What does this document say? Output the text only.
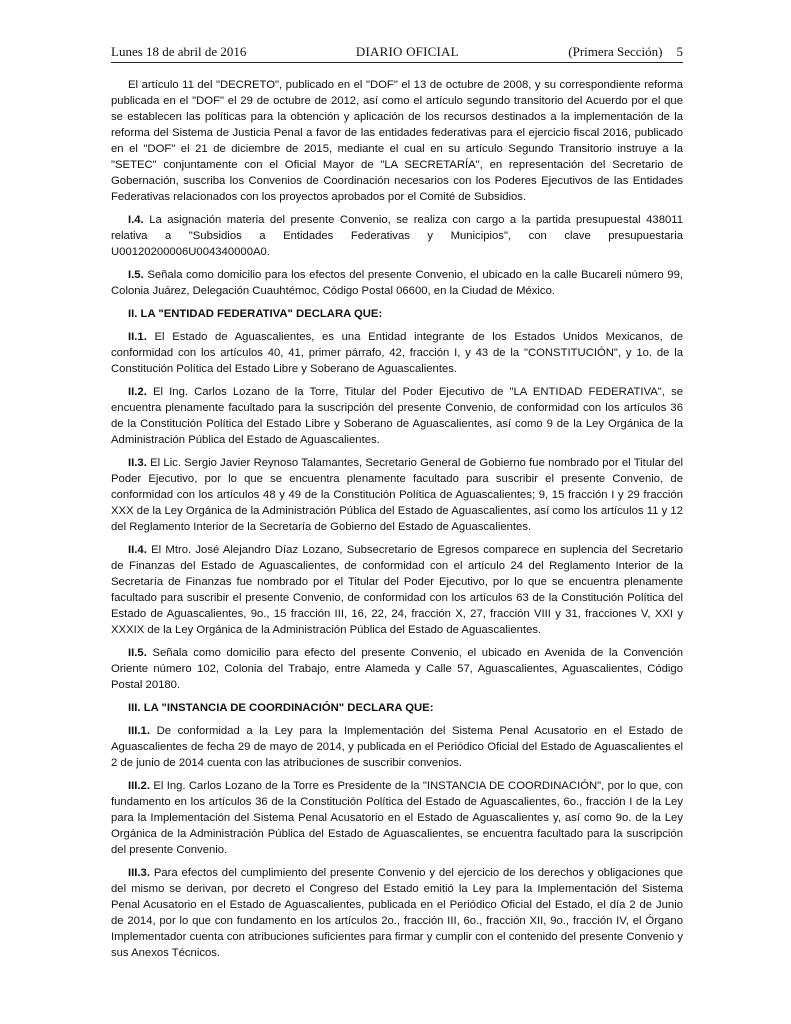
Lunes 18 de abril de 2016	DIARIO OFICIAL	(Primera Sección) 5

El artículo 11 del "DECRETO", publicado en el "DOF" el 13 de octubre de 2008, y su correspondiente reforma publicada en el "DOF" el 29 de octubre de 2012, así como el artículo segundo transitorio del Acuerdo por el que se establecen las políticas para la obtención y aplicación de los recursos destinados a la implementación de la reforma del Sistema de Justicia Penal a favor de las entidades federativas para el ejercicio fiscal 2016, publicado en el "DOF" el 21 de diciembre de 2015, mediante el cual en su artículo Segundo Transitorio instruye a la "SETEC" conjuntamente con el Oficial Mayor de "LA SECRETARÍA", en representación del Secretario de Gobernación, suscriba los Convenios de Coordinación necesarios con los Poderes Ejecutivos de las Entidades Federativas relacionados con los proyectos aprobados por el Comité de Subsidios.

I.4. La asignación materia del presente Convenio, se realiza con cargo a la partida presupuestal 438011 relativa a "Subsidios a Entidades Federativas y Municipios", con clave presupuestaria U00120200006U004340000A0.

I.5. Señala como domicilio para los efectos del presente Convenio, el ubicado en la calle Bucareli número 99, Colonia Juárez, Delegación Cuauhtémoc, Código Postal 06600, en la Ciudad de México.

II. LA "ENTIDAD FEDERATIVA" DECLARA QUE:

II.1. El Estado de Aguascalientes, es una Entidad integrante de los Estados Unidos Mexicanos, de conformidad con los artículos 40, 41, primer párrafo, 42, fracción I, y 43 de la "CONSTITUCIÓN", y 1o. de la Constitución Política del Estado Libre y Soberano de Aguascalientes.

II.2. El Ing. Carlos Lozano de la Torre, Titular del Poder Ejecutivo de "LA ENTIDAD FEDERATIVA", se encuentra plenamente facultado para la suscripción del presente Convenio, de conformidad con los artículos 36 de la Constitución Política del Estado Libre y Soberano de Aguascalientes, así como 9 de la Ley Orgánica de la Administración Pública del Estado de Aguascalientes.

II.3. El Lic. Sergio Javier Reynoso Talamantes, Secretario General de Gobierno fue nombrado por el Titular del Poder Ejecutivo, por lo que se encuentra plenamente facultado para suscribir el presente Convenio, de conformidad con los artículos 48 y 49 de la Constitución Política de Aguascalientes; 9, 15 fracción I y 29 fracción XXX de la Ley Orgánica de la Administración Pública del Estado de Aguascalientes, así como los artículos 11 y 12 del Reglamento Interior de la Secretaría de Gobierno del Estado de Aguascalientes.

II.4. El Mtro. José Alejandro Díaz Lozano, Subsecretario de Egresos comparece en suplencia del Secretario de Finanzas del Estado de Aguascalientes, de conformidad con el artículo 24 del Reglamento Interior de la Secretaría de Finanzas fue nombrado por el Titular del Poder Ejecutivo, por lo que se encuentra plenamente facultado para suscribir el presente Convenio, de conformidad con los artículos 63 de la Constitución Política del Estado de Aguascalientes, 9o., 15 fracción III, 16, 22, 24, fracción X, 27, fracción VIII y 31, fracciones V, XXI y XXXIX de la Ley Orgánica de la Administración Pública del Estado de Aguascalientes.

II.5. Señala como domicilio para efecto del presente Convenio, el ubicado en Avenida de la Convención Oriente número 102, Colonia del Trabajo, entre Alameda y Calle 57, Aguascalientes, Aguascalientes, Código Postal 20180.

III. LA "INSTANCIA DE COORDINACIÓN" DECLARA QUE:

III.1. De conformidad a la Ley para la Implementación del Sistema Penal Acusatorio en el Estado de Aguascalientes de fecha 29 de mayo de 2014, y publicada en el Periódico Oficial del Estado de Aguascalientes el 2 de junio de 2014 cuenta con las atribuciones de suscribir convenios.

III.2. El Ing. Carlos Lozano de la Torre es Presidente de la "INSTANCIA DE COORDINACIÓN", por lo que, con fundamento en los artículos 36 de la Constitución Política del Estado de Aguascalientes, 6o., fracción I de la Ley para la Implementación del Sistema Penal Acusatorio en el Estado de Aguascalientes y, así como 9o. de la Ley Orgánica de la Administración Pública del Estado de Aguascalientes, se encuentra facultado para la suscripción del presente Convenio.

III.3. Para efectos del cumplimiento del presente Convenio y del ejercicio de los derechos y obligaciones que del mismo se derivan, por decreto el Congreso del Estado emitió la Ley para la Implementación del Sistema Penal Acusatorio en el Estado de Aguascalientes, publicada en el Periódico Oficial del Estado, el día 2 de Junio de 2014, por lo que con fundamento en los artículos 2o., fracción III, 6o., fracción XII, 9o., fracción IV, el Órgano Implementador cuenta con atribuciones suficientes para firmar y cumplir con el contenido del presente Convenio y sus Anexos Técnicos.
